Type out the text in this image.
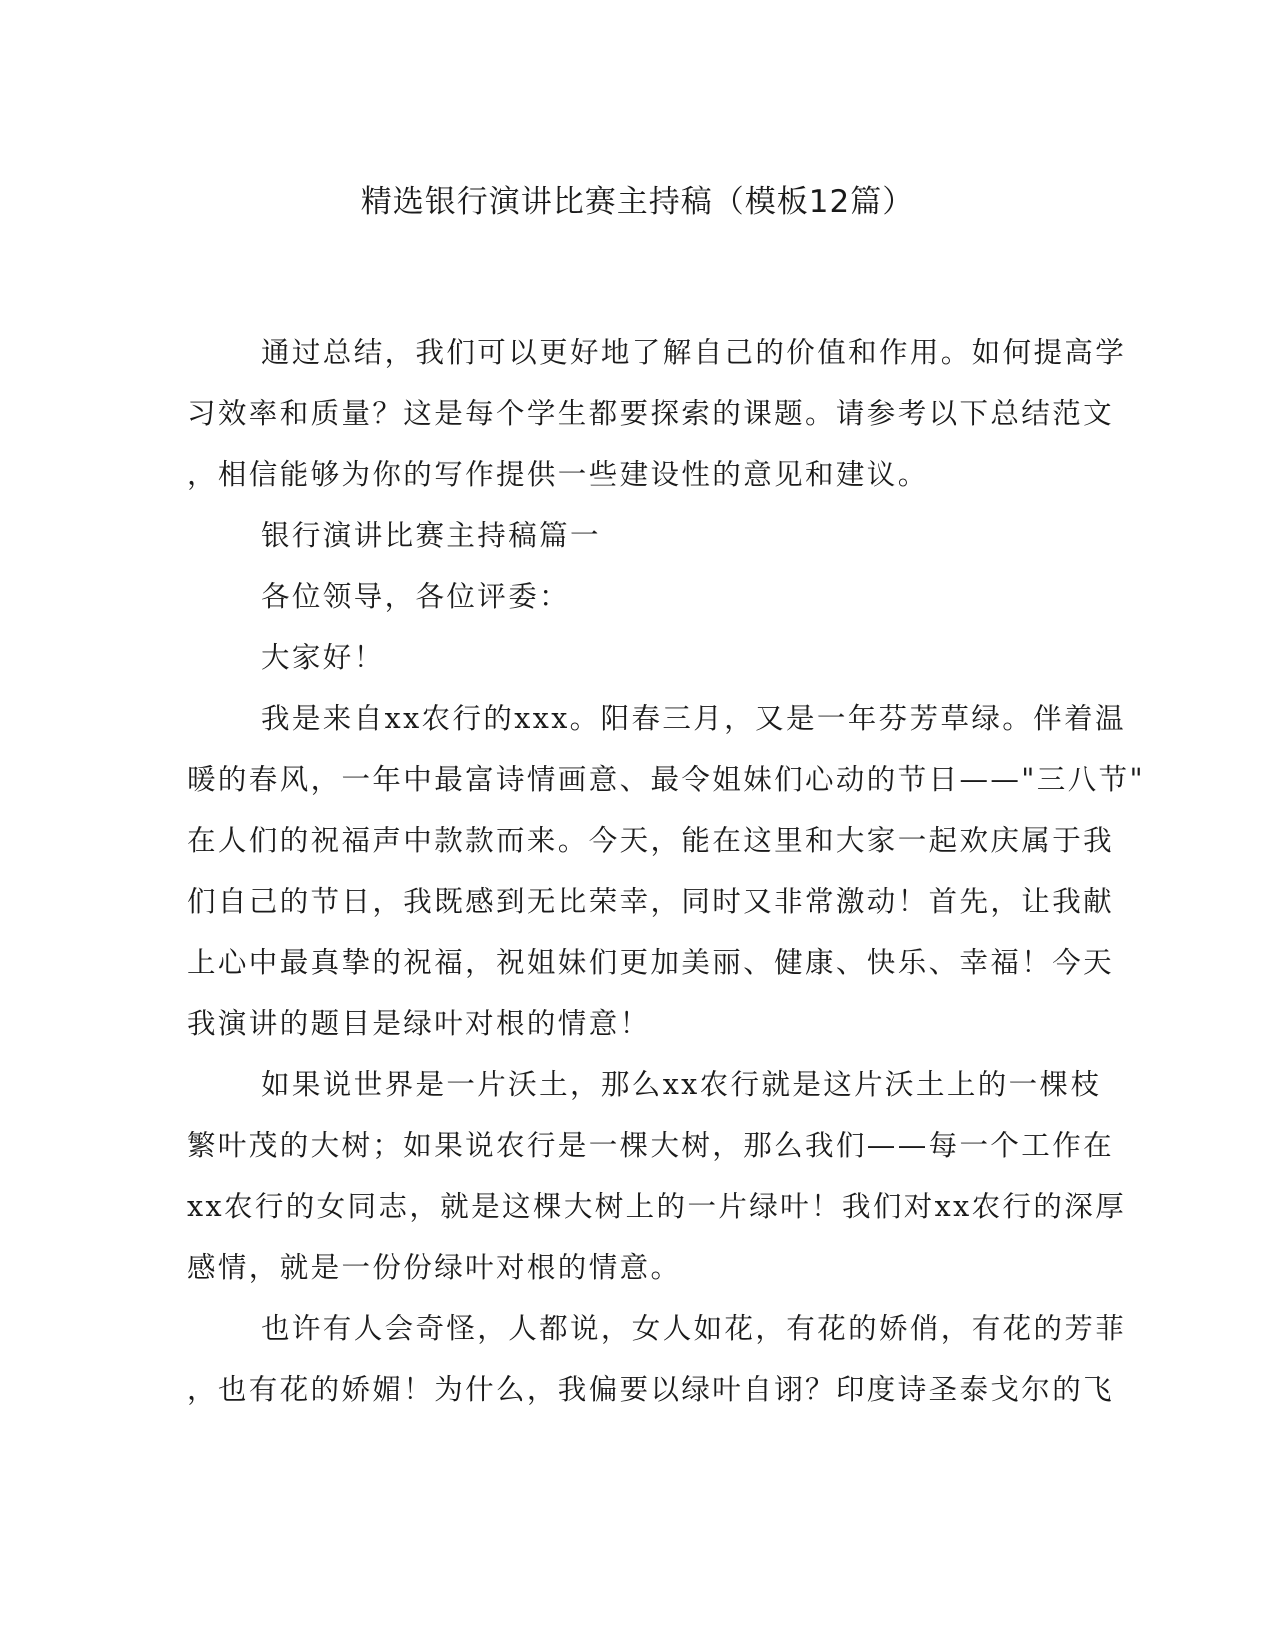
精选银行演讲比赛主持稿（模板12篇）
通过总结，我们可以更好地了解自己的价值和作用。如何提高学
习效率和质量？这是每个学生都要探索的课题。请参考以下总结范文
，相信能够为你的写作提供一些建设性的意见和建议。
银行演讲比赛主持稿篇一
各位领导，各位评委：
大家好！
我是来自xx农行的xxx。阳春三月，又是一年芬芳草绿。伴着温
暖的春风，一年中最富诗情画意、最令姐妹们心动的节日——"三八节"
在人们的祝福声中款款而来。今天，能在这里和大家一起欢庆属于我
们自己的节日，我既感到无比荣幸，同时又非常激动！首先，让我献
上心中最真挚的祝福，祝姐妹们更加美丽、健康、快乐、幸福！今天
我演讲的题目是绿叶对根的情意！
如果说世界是一片沃土，那么xx农行就是这片沃土上的一棵枝
繁叶茂的大树；如果说农行是一棵大树，那么我们——每一个工作在
xx农行的女同志，就是这棵大树上的一片绿叶！我们对xx农行的深厚
感情，就是一份份绿叶对根的情意。
也许有人会奇怪，人都说，女人如花，有花的娇俏，有花的芳菲
，也有花的娇媚！为什么，我偏要以绿叶自诩？印度诗圣泰戈尔的飞
